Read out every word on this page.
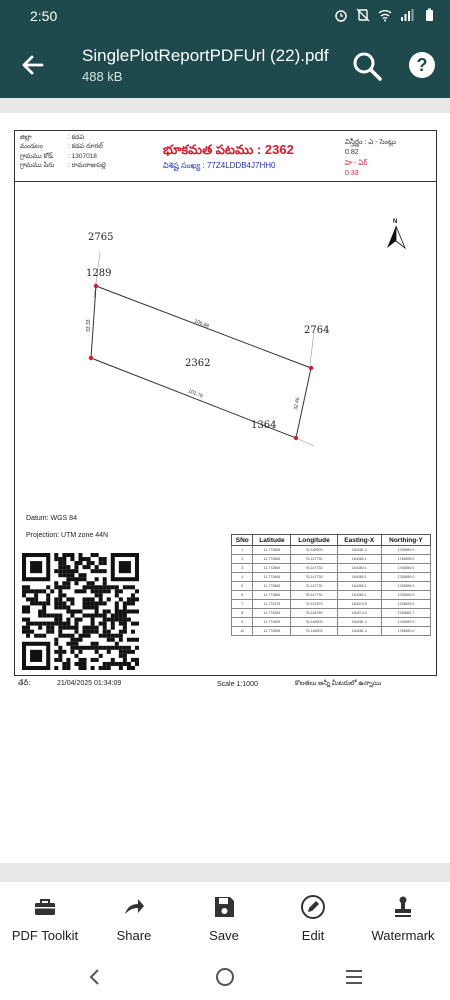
2:50
SinglePlotReportPDFUrl (22).pdf
488 kB
?
జిల్లా	: కడప
మండలం	: కడప రూరల్
గ్రామము కోడ్ : 1307018
గ్రామము పేరు : రామరాజుపల్లె
భూకమత పటము : 2362
విశిష్ట సంఖ్య : 77Z4LDDB4J7HH0
విస్తీర్ణం : ఎ - సెంట్లు
0.82
హె - ఏర్
0.33
2765
1289
2764
2362
1364
33.33	106.88
101.76
32.46
N
Datum: WGS 84
Projection: UTM zone 44N
SNo	Latitude	Longitude	Easting-X	Northing-Y
1	11.772895	76.148903	164281.3	1745890.0
2	11.772884	76.147730	164360.1	1745859.0
3	11.772884	76.147730	164360.1	1745859.0
4	11.772884	76.147730	164360.1	1745859.0
5	11.772884	76.147730	164360.1	1745859.0
6	11.772884	76.147730	164360.1	1745859.0
7	11.772376	76.147879	164374.5	1745826.0
8	11.772084	76.148789	164274.0	1745862.7
9	11.772899	76.148903	164281.3	1745890.0
10	11.772895	76.148903	164281.3	1745890.0
తేదీ:	21/04/2025 01:34:09	Scale 1:1000	కొలతలు అన్నీ మీటరులో ఉన్నాయి
PDF Toolkit	Share	Save	Edit	Watermark
